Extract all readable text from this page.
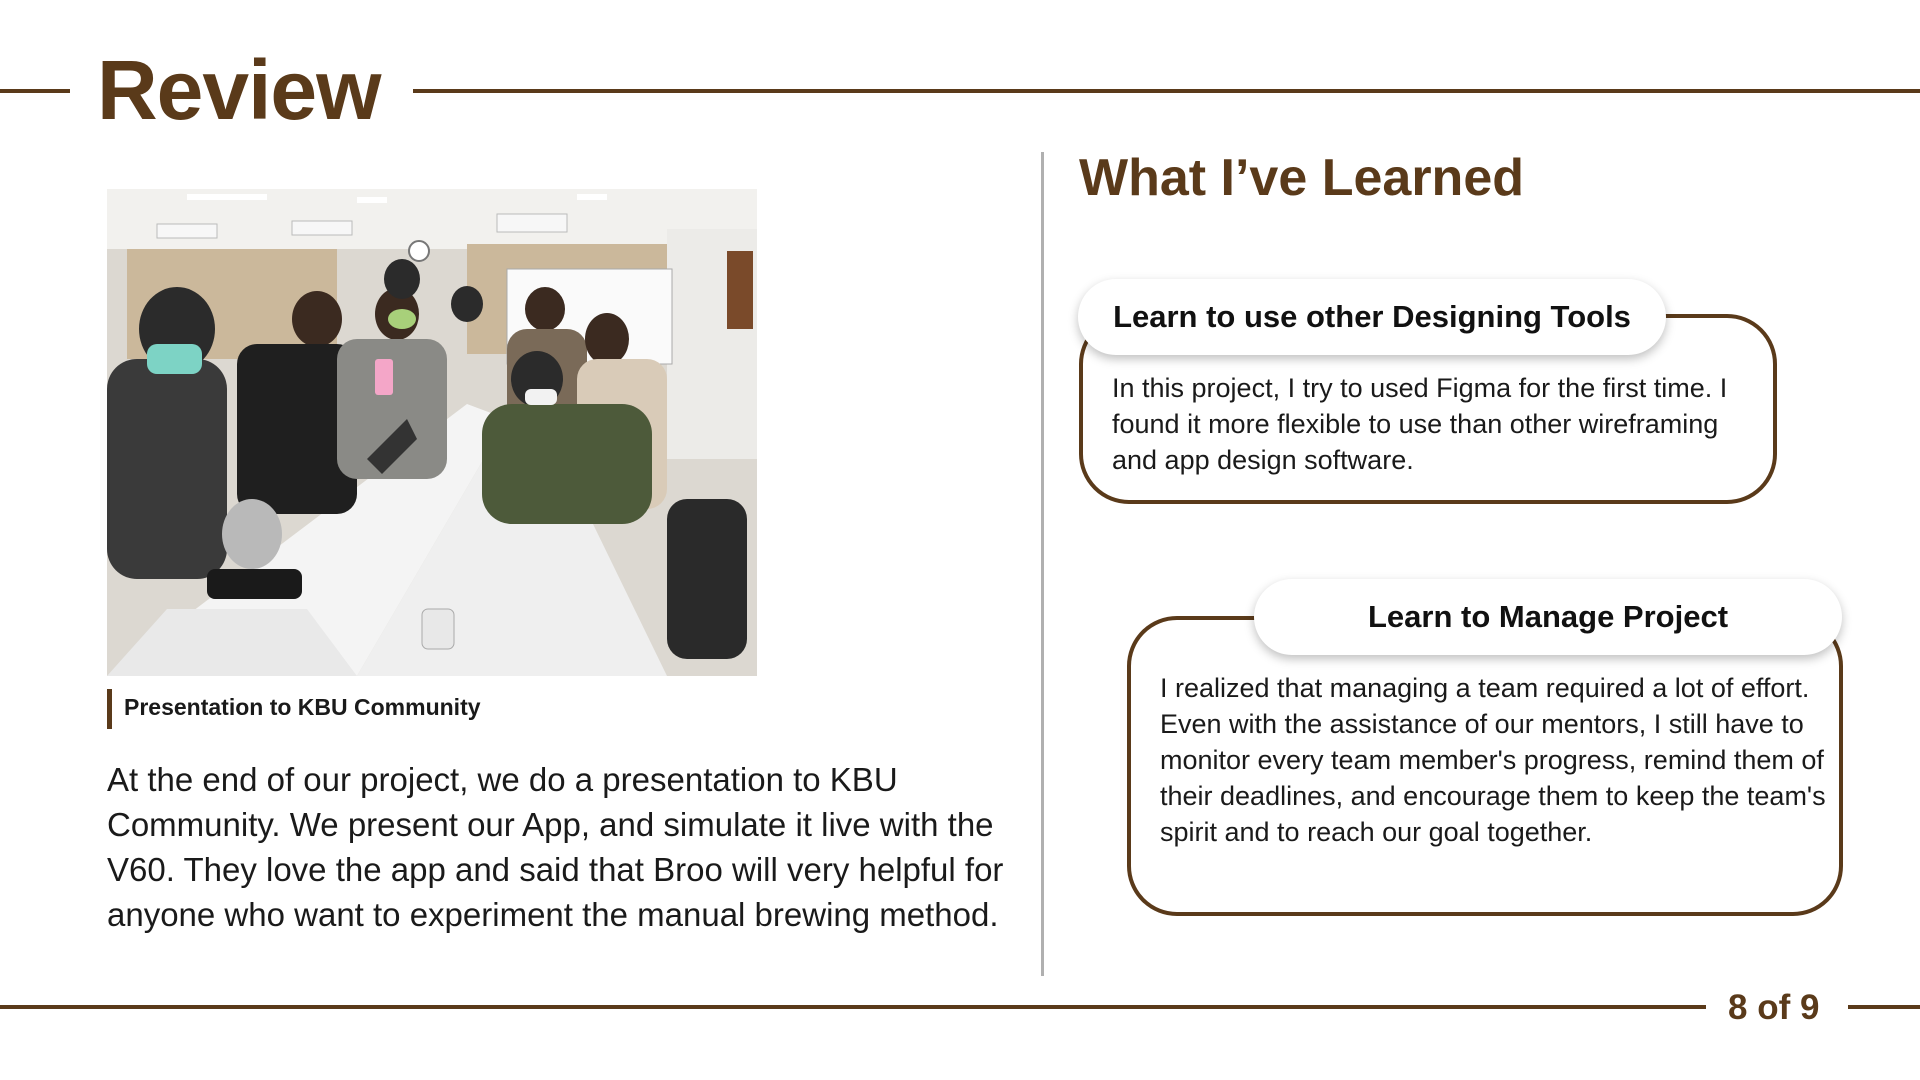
Review
Presentation to KBU Community
At the end of our project, we do a presentation to KBU Community. We present our App, and simulate it live with the V60. They love the app and said that Broo will very helpful for anyone who want to experiment the manual brewing method.
What I’ve Learned
Learn to use other Designing Tools
In this project, I try to used Figma for the first time. I found it more flexible to use than other wireframing and app design software.
Learn to Manage Project
I realized that managing a team required a lot of effort. Even with the assistance of our mentors, I still have to monitor every team member's progress, remind them of their deadlines, and encourage them to keep the team's spirit and to reach our goal together.
8 of 9
